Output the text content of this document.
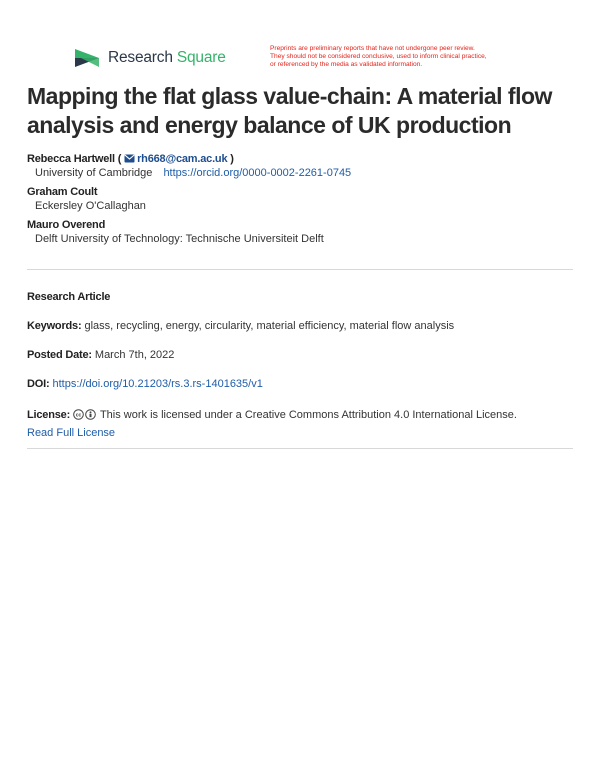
Research Square
Preprints are preliminary reports that have not undergone peer review.
They should not be considered conclusive, used to inform clinical practice,
or referenced by the media as validated information.
Mapping the flat glass value-chain: A material flow analysis and energy balance of UK production
Rebecca Hartwell ( rh668@cam.ac.uk )
University of Cambridge https://orcid.org/0000-0002-2261-0745
Graham Coult
Eckersley O'Callaghan
Mauro Overend
Delft University of Technology: Technische Universiteit Delft
Research Article
Keywords: glass, recycling, energy, circularity, material efficiency, material flow analysis
Posted Date: March 7th, 2022
DOI: https://doi.org/10.21203/rs.3.rs-1401635/v1
License: cc This work is licensed under a Creative Commons Attribution 4.0 International License.
Read Full License
